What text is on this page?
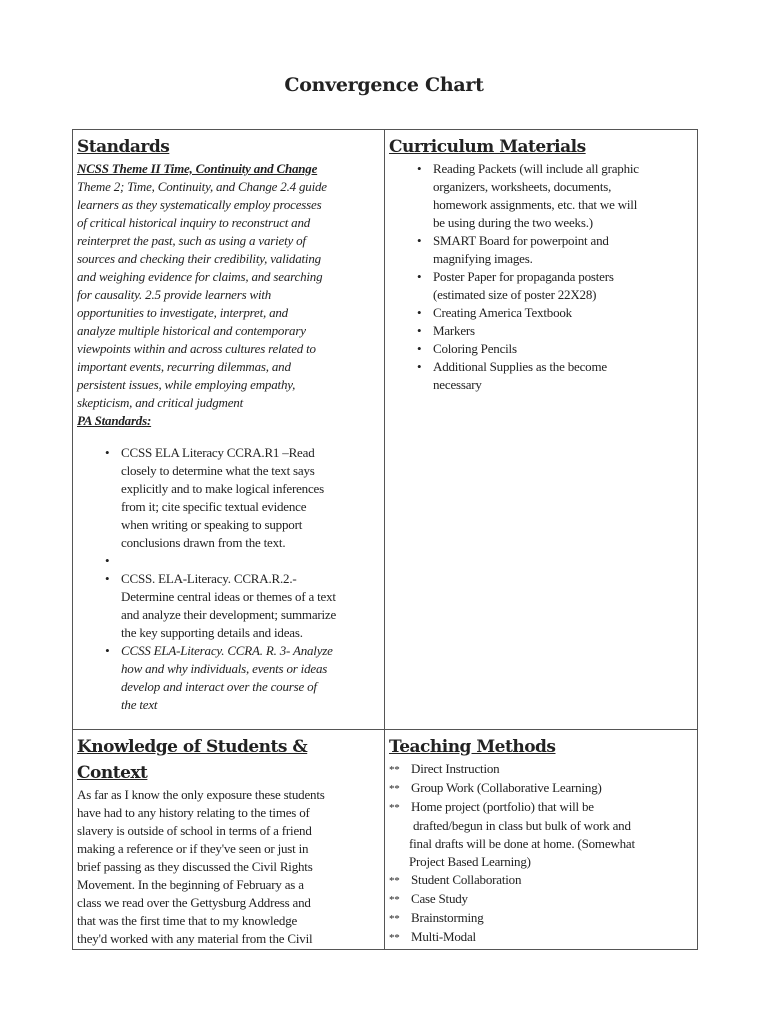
Convergence Chart
Standards
NCSS Theme II Time, Continuity and Change
Theme 2; Time, Continuity, and Change 2.4 guide
learners as they systematically employ processes
of critical historical inquiry to reconstruct and
reinterpret the past, such as using a variety of
sources and checking their credibility, validating
and weighing evidence for claims, and searching
for causality. 2.5 provide learners with
opportunities to investigate, interpret, and
analyze multiple historical and contemporary
viewpoints within and across cultures related to
important events, recurring dilemmas, and
persistent issues, while employing empathy,
skepticism, and critical judgment
PA Standards:
• CCSS ELA Literacy CCRA.R1 –Read
closely to determine what the text says
explicitly and to make logical inferences
from it; cite specific textual evidence
when writing or speaking to support
conclusions drawn from the text.
•
• CCSS. ELA-Literacy. CCRA.R.2.-
Determine central ideas or themes of a text
and analyze their development; summarize
the key supporting details and ideas.
• CCSS ELA-Literacy. CCRA. R. 3- Analyze
how and why individuals, events or ideas
develop and interact over the course of
the text
Curriculum Materials
• Reading Packets (will include all graphic
organizers, worksheets, documents,
homework assignments, etc. that we will
be using during the two weeks.)
• SMART Board for powerpoint and
magnifying images.
• Poster Paper for propaganda posters
(estimated size of poster 22X28)
• Creating America Textbook
• Markers
• Coloring Pencils
• Additional Supplies as the become
necessary
Knowledge of Students &
Context
As far as I know the only exposure these students
have had to any history relating to the times of
slavery is outside of school in terms of a friend
making a reference or if they've seen or just in
brief passing as they discussed the Civil Rights
Movement. In the beginning of February as a
class we read over the Gettysburg Address and
that was the first time that to my knowledge
they'd worked with any material from the Civil
Teaching Methods
** Direct Instruction
** Group Work (Collaborative Learning)
** Home project (portfolio) that will be
drafted/begun in class but bulk of work and
final drafts will be done at home. (Somewhat
Project Based Learning)
** Student Collaboration
** Case Study
** Brainstorming
** Multi-Modal
